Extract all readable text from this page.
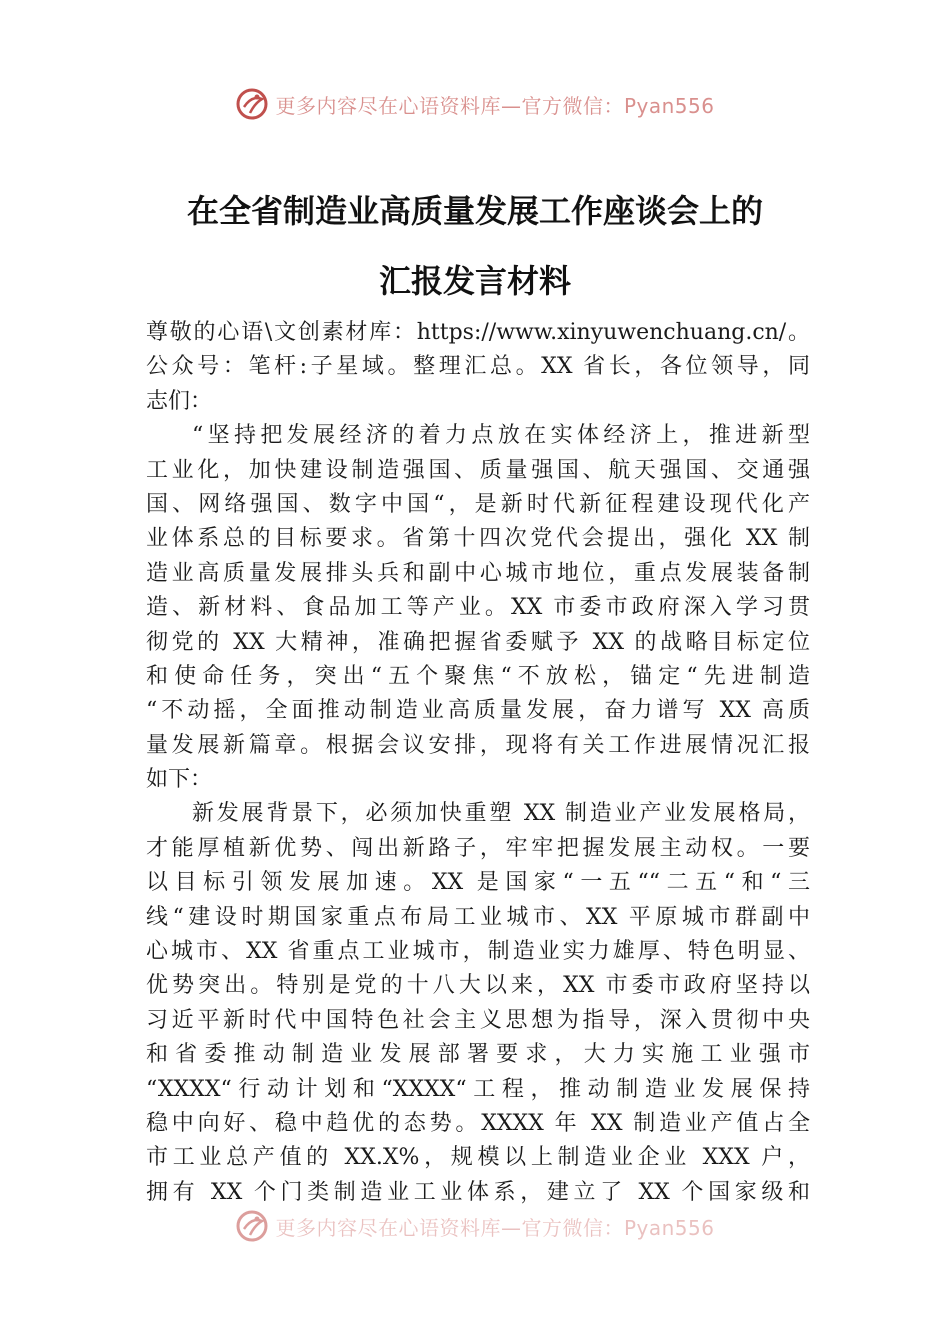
更多内容尽在心语资料库—官方微信：Pyan556
在全省制造业高质量发展工作座谈会上的
汇报发言材料
尊敬的心语\文创素材库：https://www.xinyuwenchuang.cn/。
公众号：笔杆:子星域。整理汇总。XX 省长，各位领导，同
志们：
“坚持把发展经济的着力点放在实体经济上，推进新型
工业化，加快建设制造强国、质量强国、航天强国、交通强
国、网络强国、数字中国“，是新时代新征程建设现代化产
业体系总的目标要求。省第十四次党代会提出，强化 XX 制
造业高质量发展排头兵和副中心城市地位，重点发展装备制
造、新材料、食品加工等产业。XX 市委市政府深入学习贯
彻党的 XX 大精神，准确把握省委赋予 XX 的战略目标定位
和使命任务，突出“五个聚焦“不放松，锚定“先进制造
“不动摇，全面推动制造业高质量发展，奋力谱写 XX 高质
量发展新篇章。根据会议安排，现将有关工作进展情况汇报
如下：
新发展背景下，必须加快重塑 XX 制造业产业发展格局，
才能厚植新优势、闯出新路子，牢牢把握发展主动权。一要
以目标引领发展加速。XX 是国家“一五““二五“和“三
线“建设时期国家重点布局工业城市、XX 平原城市群副中
心城市、XX 省重点工业城市，制造业实力雄厚、特色明显、
优势突出。特别是党的十八大以来，XX 市委市政府坚持以
习近平新时代中国特色社会主义思想为指导，深入贯彻中央
和省委推动制造业发展部署要求，大力实施工业强市
“XXXX“行动计划和“XXXX“工程，推动制造业发展保持
稳中向好、稳中趋优的态势。XXXX 年 XX 制造业产值占全
市工业总产值的 XX.X%，规模以上制造业企业 XXX 户，
拥有 XX 个门类制造业工业体系，建立了 XX 个国家级和
更多内容尽在心语资料库—官方微信：Pyan556
